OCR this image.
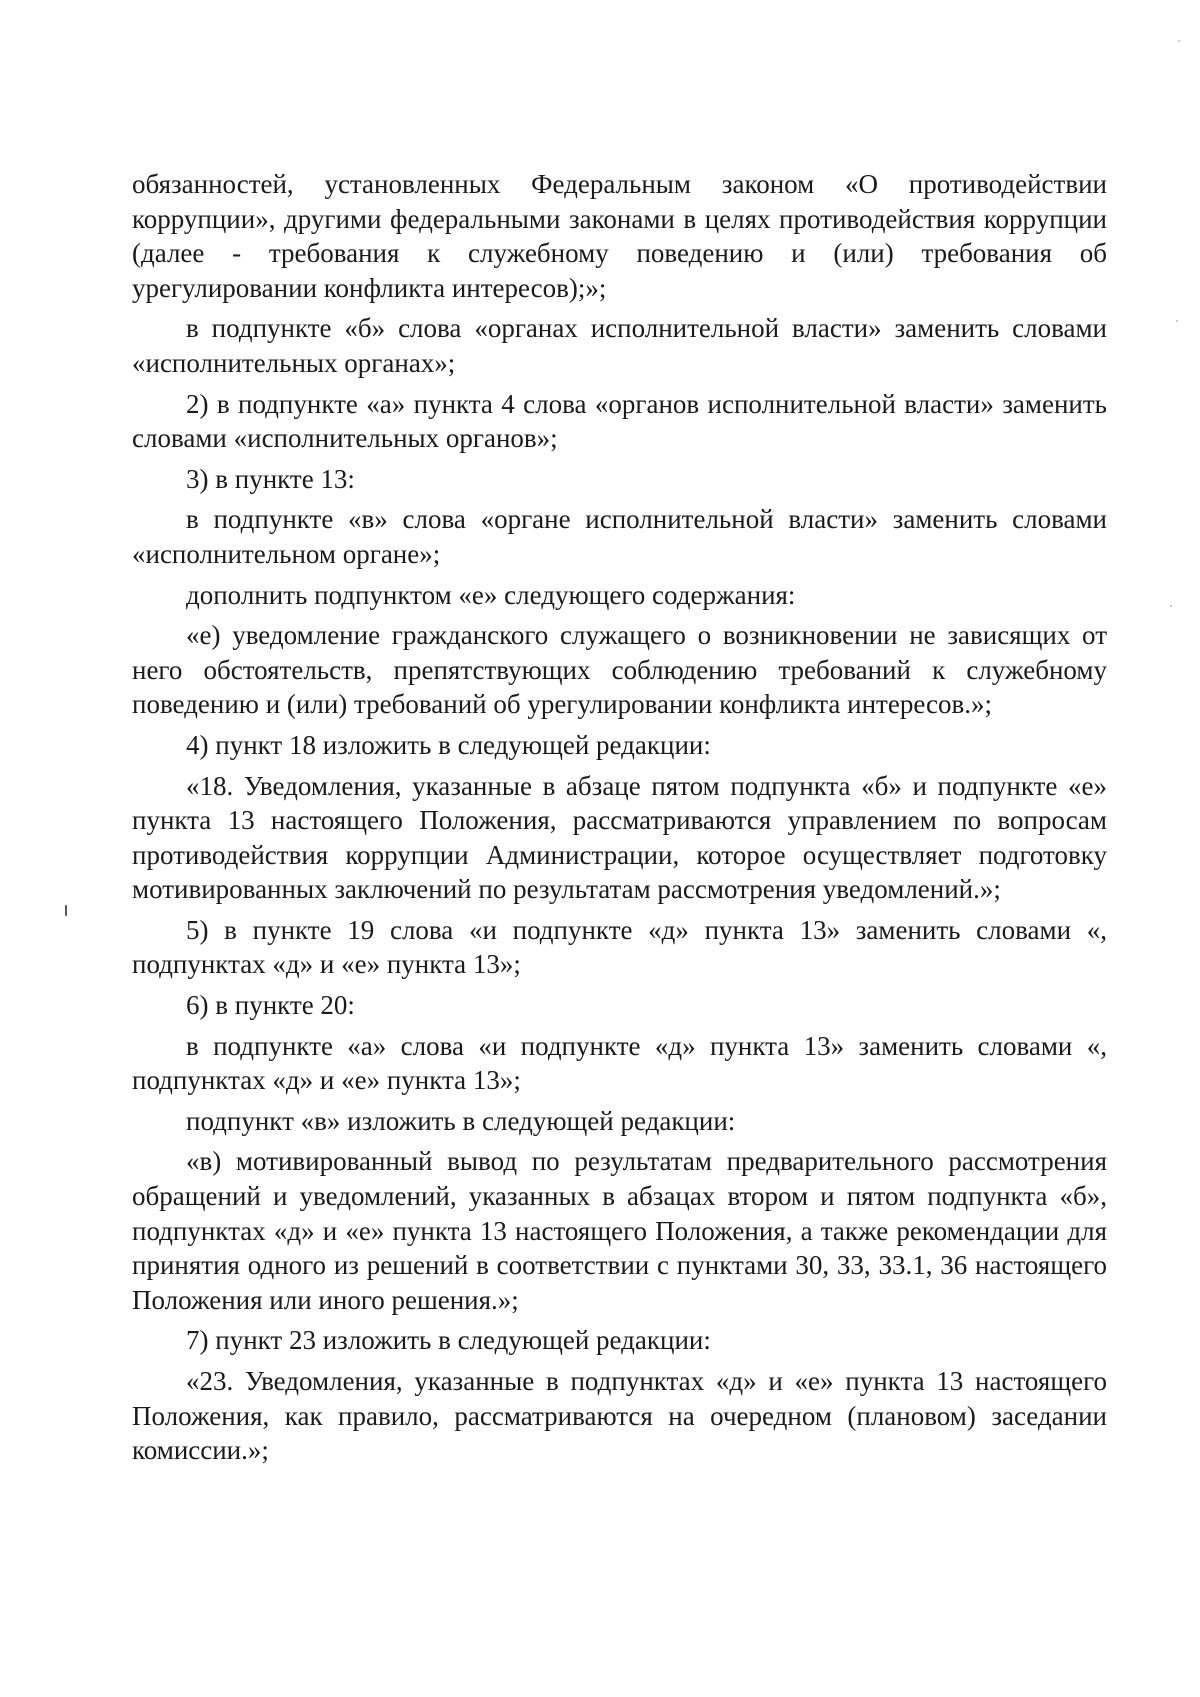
обязанностей, установленных Федеральным законом «О противодействии коррупции», другими федеральными законами в целях противодействия коррупции (далее - требования к служебному поведению и (или) требования об урегулировании конфликта интересов);»;

в подпункте «б» слова «органах исполнительной власти» заменить словами «исполнительных органах»;

2) в подпункте «а» пункта 4 слова «органов исполнительной власти» заменить словами «исполнительных органов»;

3) в пункте 13:

в подпункте «в» слова «органе исполнительной власти» заменить словами «исполнительном органе»;

дополнить подпунктом «е» следующего содержания:

«е) уведомление гражданского служащего о возникновении не зависящих от него обстоятельств, препятствующих соблюдению требований к служебному поведению и (или) требований об урегулировании конфликта интересов.»;

4) пункт 18 изложить в следующей редакции:

«18. Уведомления, указанные в абзаце пятом подпункта «б» и подпункте «е» пункта 13 настоящего Положения, рассматриваются управлением по вопросам противодействия коррупции Администрации, которое осуществляет подготовку мотивированных заключений по результатам рассмотрения уведомлений.»;

5) в пункте 19 слова «и подпункте «д» пункта 13» заменить словами «, подпунктах «д» и «е» пункта 13»;

6) в пункте 20:

в подпункте «а» слова «и подпункте «д» пункта 13» заменить словами «, подпунктах «д» и «е» пункта 13»;

подпункт «в» изложить в следующей редакции:

«в) мотивированный вывод по результатам предварительного рассмотрения обращений и уведомлений, указанных в абзацах втором и пятом подпункта «б», подпунктах «д» и «е» пункта 13 настоящего Положения, а также рекомендации для принятия одного из решений в соответствии с пунктами 30, 33, 33.1, 36 настоящего Положения или иного решения.»;

7) пункт 23 изложить в следующей редакции:

«23. Уведомления, указанные в подпунктах «д» и «е» пункта 13 настоящего Положения, как правило, рассматриваются на очередном (плановом) заседании комиссии.»;
